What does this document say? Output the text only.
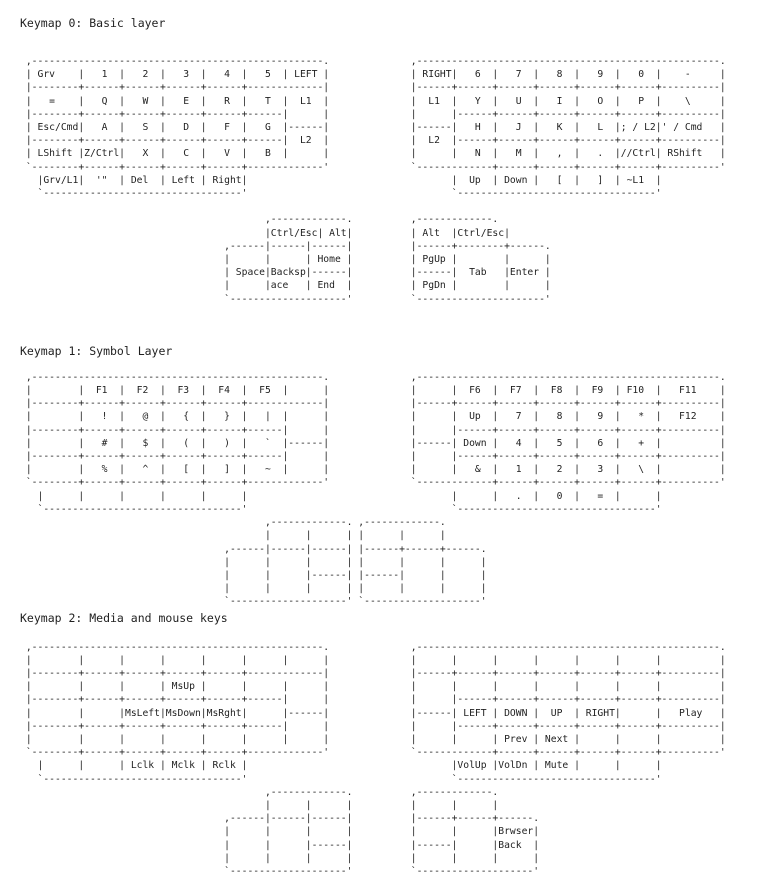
Keymap 0: Basic layer
,--------------------------------------------------.              ,----------------------------------------------------.
| Grv    |   1  |   2  |   3  |   4  |   5  | LEFT |              | RIGHT|   6  |   7  |   8  |   9  |   0  |    -     |
|--------+------+------+------+------+-------------|              |------+------+------+------+------+------+----------|
|   =    |   Q  |   W  |   E  |   R  |   T  |  L1  |              |  L1  |   Y  |   U  |   I  |   O  |   P  |    \     |
|--------+------+------+------+------+------|      |              |      |------+------+------+------+------+----------|
| Esc/Cmd|   A  |   S  |   D  |   F  |   G  |------|              |------|   H  |   J  |   K  |   L  |; / L2|' / Cmd   |
|--------+------+------+------+------+------|  L2  |              |  L2  |------+------+------+------+------+----------|
| LShift |Z/Ctrl|   X  |   C  |   V  |   B  |      |              |      |   N  |   M  |   ,  |   .  |//Ctrl| RShift   |
`--------+------+------+------+------+-------------'              `-------------+------+------+------+------+----------'
|Grv/L1|  '"  | Del  | Left | Right|                                   |  Up  | Down |   [  |   ]  | ~L1  |
`----------------------------------'                                   `----------------------------------'

,-------------.          ,-------------.
|Ctrl/Esc| Alt|          | Alt  |Ctrl/Esc|
,------|------|------|          |------+--------+------.
|      |      | Home |          | PgUp |        |      |
| Space|Backsp|------|          |------|  Tab   |Enter |
|      |ace   | End  |          | PgDn |        |      |
`--------------------'          `----------------------'
Keymap 1: Symbol Layer
,--------------------------------------------------.              ,----------------------------------------------------.
|        |  F1  |  F2  |  F3  |  F4  |  F5  |      |              |      |  F6  |  F7  |  F8  |  F9  | F10  |   F11    |
|--------+------+------+------+------+-------------|              |------+------+------+------+------+------+----------|
|        |   !  |   @  |   {  |   }  |   |  |      |              |      |  Up  |   7  |   8  |   9  |   *  |   F12    |
|--------+------+------+------+------+------|      |              |      |------+------+------+------+------+----------|
|        |   #  |   $  |   (  |   )  |   `  |------|              |------| Down |   4  |   5  |   6  |   +  |          |
|--------+------+------+------+------+------|      |              |      |------+------+------+------+------+----------|
|        |   %  |   ^  |   [  |   ]  |   ~  |      |              |      |   &  |   1  |   2  |   3  |   \  |          |
`--------+------+------+------+------+-------------'              `-------------+------+------+------+------+----------'
|      |      |      |      |      |                                   |      |   .  |   0  |   =  |      |
`----------------------------------'                                   `----------------------------------'
,-------------. ,-------------.
|      |      | |      |      |
,------|------|------| |------+------+------.
|      |      |      | |      |      |      |
|      |      |------| |------|      |      |
|      |      |      | |      |      |      |
`--------------------' `--------------------'
Keymap 2: Media and mouse keys
,--------------------------------------------------.              ,----------------------------------------------------.
|        |      |      |      |      |      |      |              |      |      |      |      |      |      |          |
|--------+------+------+------+------+-------------|              |------+------+------+------+------+------+----------|
|        |      |      | MsUp |      |      |      |              |      |      |      |      |      |      |          |
|--------+------+------+------+------+------|      |              |      |------+------+------+------+------+----------|
|        |      |MsLeft|MsDown|MsRght|      |------|              |------| LEFT | DOWN |  UP  | RIGHT|      |   Play   |
|--------+------+------+------+------+------|      |              |      |------+------+------+------+------+----------|
|        |      |      |      |      |      |      |              |      |      | Prev | Next |      |      |          |
`--------+------+------+------+------+-------------'              `-------------+------+------+------+------+----------'
|      |      | Lclk | Mclk | Rclk |                                   |VolUp |VolDn | Mute |      |      |
`----------------------------------'                                   `----------------------------------'
,-------------.          ,-------------.
|      |      |          |      |      |
,------|------|------|          |------+------+------.
|      |      |      |          |      |      |Brwser|
|      |      |------|          |------|      |Back  |
|      |      |      |          |      |      |      |
`--------------------'          `--------------------'
